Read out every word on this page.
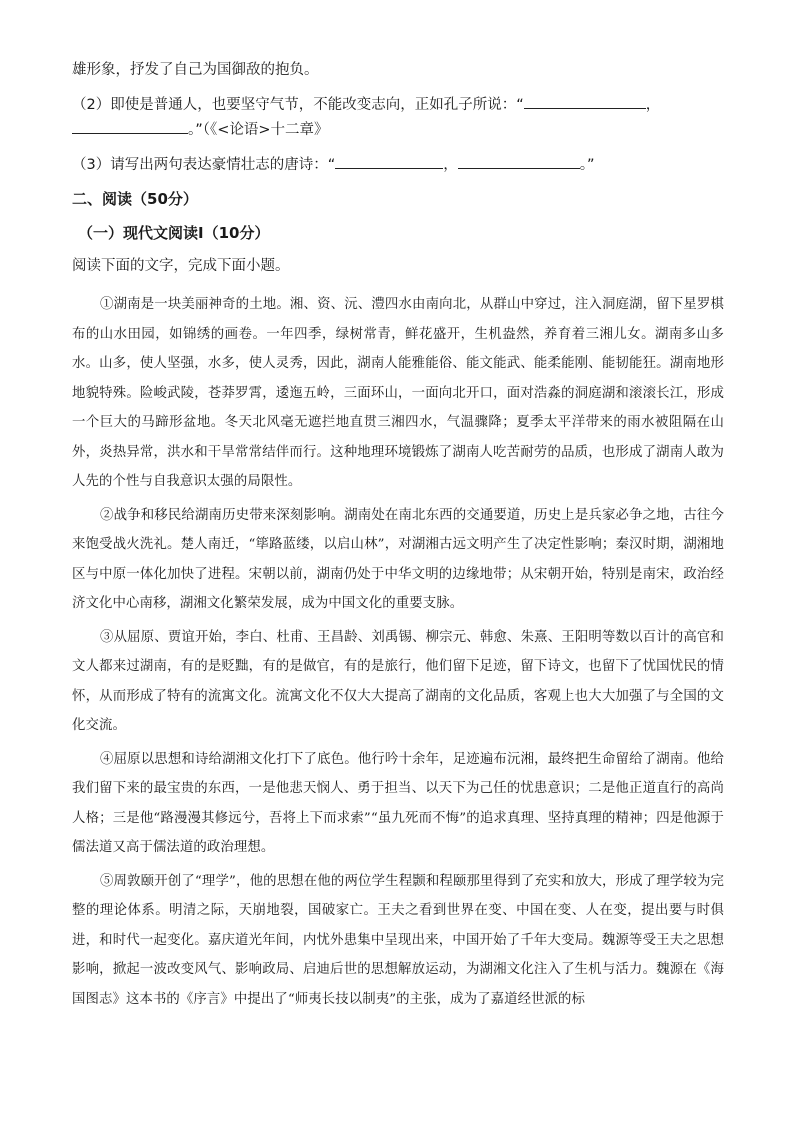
雄形象，抒发了自己为国御敌的抱负。
（2）即使是普通人，也要坚守气节，不能改变志向，正如孔子所说：“	，
。”（《<论语>十二章》
（3）请写出两句表达豪情壮志的唐诗：“	，	。”
二、阅读（50分）
（一）现代文阅读Ⅰ（10分）
阅读下面的文字，完成下面小题。

①湖南是一块美丽神奇的土地。湘、资、沅、澧四水由南向北，从群山中穿过，注入洞庭湖，留下星罗棋布的山水田园，如锦绣的画卷。一年四季，绿树常青，鲜花盛开，生机盎然，养育着三湘儿女。湖南多山多水。山多，使人坚强，水多，使人灵秀，因此，湖南人能雅能俗、能文能武、能柔能刚、能韧能狂。湖南地形地貌特殊。险峻武陵，苍莽罗霄，逶迤五岭，三面环山，一面向北开口，面对浩淼的洞庭湖和滚滚长江，形成一个巨大的马蹄形盆地。冬天北风毫无遮拦地直贯三湘四水，气温骤降；夏季太平洋带来的雨水被阻隔在山外，炎热异常，洪水和干旱常常结伴而行。这种地理环境锻炼了湖南人吃苦耐劳的品质，也形成了湖南人敢为人先的个性与自我意识太强的局限性。

②战争和移民给湖南历史带来深刻影响。湖南处在南北东西的交通要道，历史上是兵家必争之地，古往今来饱受战火洗礼。楚人南迁，“筚路蓝缕，以启山林”，对湖湘古远文明产生了决定性影响；秦汉时期，湖湘地区与中原一体化加快了进程。宋朝以前，湖南仍处于中华文明的边缘地带；从宋朝开始，特别是南宋，政治经济文化中心南移，湖湘文化繁荣发展，成为中国文化的重要支脉。

③从屈原、贾谊开始，李白、杜甫、王昌龄、刘禹锡、柳宗元、韩愈、朱熹、王阳明等数以百计的高官和文人都来过湖南，有的是贬黜，有的是做官，有的是旅行，他们留下足迹，留下诗文，也留下了忧国忧民的情怀，从而形成了特有的流寓文化。流寓文化不仅大大提高了湖南的文化品质，客观上也大大加强了与全国的文化交流。

④屈原以思想和诗给湖湘文化打下了底色。他行吟十余年，足迹遍布沅湘，最终把生命留给了湖南。他给我们留下来的最宝贵的东西，一是他悲天悯人、勇于担当、以天下为己任的忧患意识；二是他正道直行的高尚人格；三是他“路漫漫其修远兮，吾将上下而求索”“虽九死而不悔”的追求真理、坚持真理的精神；四是他源于儒法道又高于儒法道的政治理想。

⑤周敦颐开创了“理学”，他的思想在他的两位学生程颢和程颐那里得到了充实和放大，形成了理学较为完整的理论体系。明清之际，天崩地裂，国破家亡。王夫之看到世界在变、中国在变、人在变，提出要与时俱进，和时代一起变化。嘉庆道光年间，内忧外患集中呈现出来，中国开始了千年大变局。魏源等受王夫之思想影响，掀起一波改变风气、影响政局、启迪后世的思想解放运动，为湖湘文化注入了生机与活力。魏源在《海国图志》这本书的《序言》中提出了“师夷长技以制夷”的主张，成为了嘉道经世派的标
